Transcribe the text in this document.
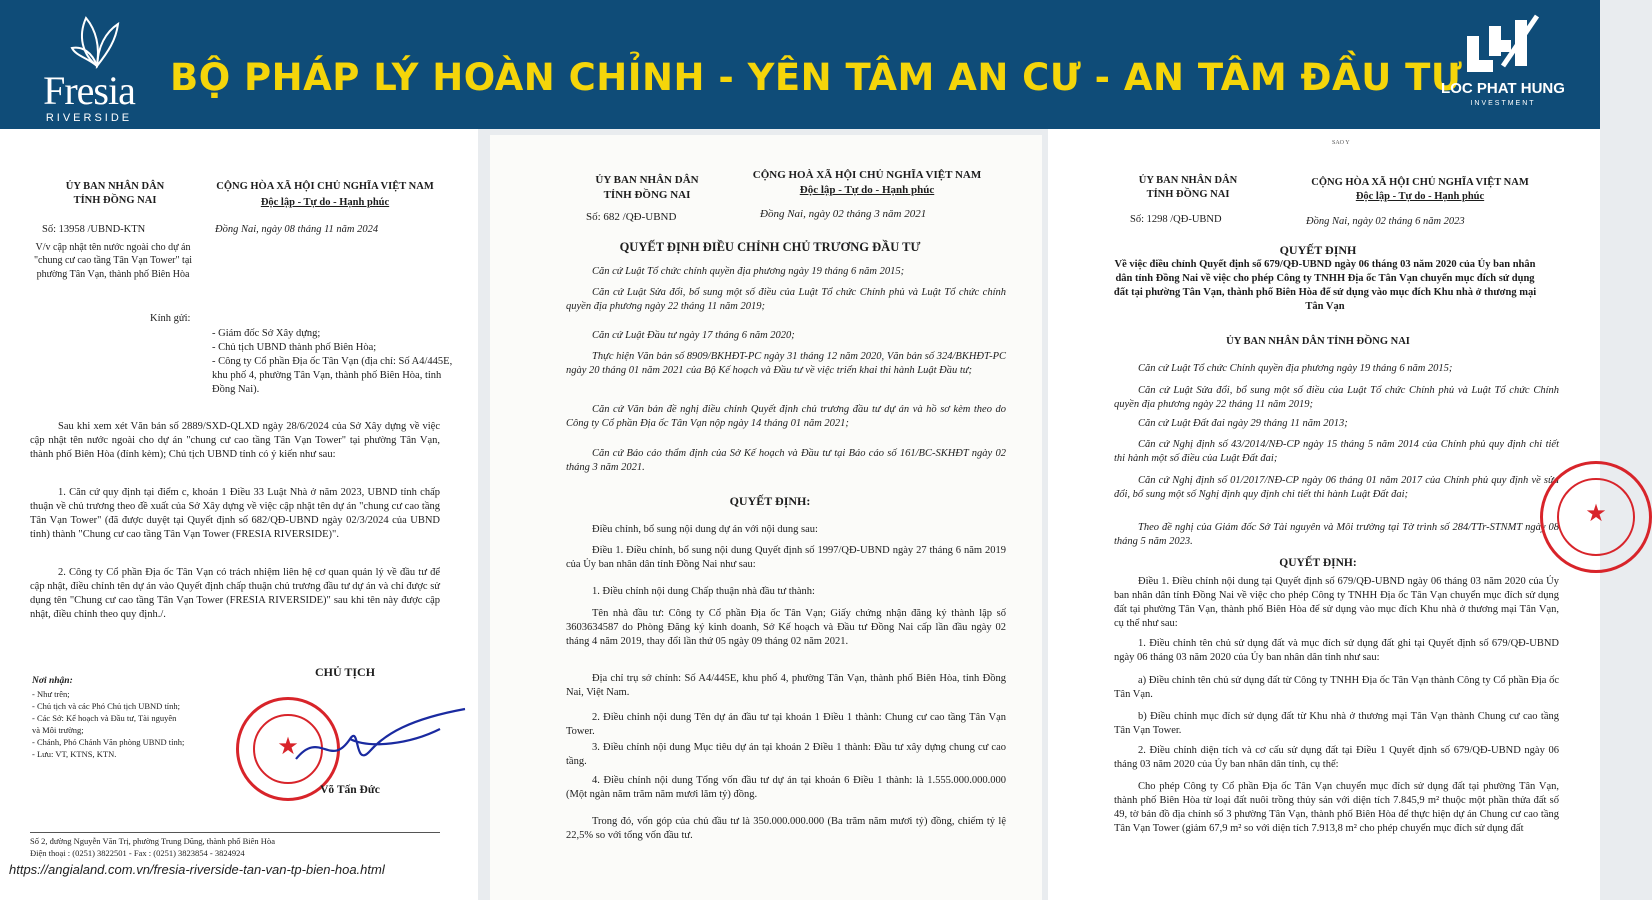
Fresia
RIVERSIDE
BỘ PHÁP LÝ HOÀN CHỈNH - YÊN TÂM AN CƯ - AN TÂM ĐẦU TƯ
LOC PHAT HUNG
INVESTMENT

ỦY BAN NHÂN DÂN

TỈNH ĐỒNG NAI

CỘNG HÒA XÃ HỘI CHỦ NGHĨA VIỆT NAM

Độc lập - Tự do - Hạnh phúc

Số: 13958 /UBND-KTN	Đồng Nai, ngày 08 tháng 11 năm 2024

V/v cập nhật tên nước ngoài cho dự án "chung cư cao tầng Tân Vạn Tower" tại phường Tân Vạn, thành phố Biên Hòa

Kính gửi:

- Giám đốc Sở Xây dựng;

- Chủ tịch UBND thành phố Biên Hòa;

- Công ty Cổ phần Địa ốc Tân Vạn (địa chỉ: Số A4/445E, khu phố 4, phường Tân Vạn, thành phố Biên Hòa, tỉnh Đồng Nai).

Sau khi xem xét Văn bản số 2889/SXD-QLXD ngày 28/6/2024 của Sở Xây dựng về việc cập nhật tên nước ngoài cho dự án "chung cư cao tầng Tân Vạn Tower" tại phường Tân Vạn, thành phố Biên Hòa (đính kèm); Chủ tịch UBND tỉnh có ý kiến như sau:

1. Căn cứ quy định tại điểm c, khoản 1 Điều 33 Luật Nhà ở năm 2023, UBND tỉnh chấp thuận về chủ trương theo đề xuất của Sở Xây dựng về việc cập nhật tên dự án "chung cư cao tầng Tân Vạn Tower" (đã được duyệt tại Quyết định số 682/QĐ-UBND ngày 02/3/2024 của UBND tỉnh) thành "Chung cư cao tầng Tân Vạn Tower (FRESIA RIVERSIDE)".

2. Công ty Cổ phần Địa ốc Tân Vạn có trách nhiệm liên hệ cơ quan quản lý về đầu tư để cập nhật, điều chỉnh tên dự án vào Quyết định chấp thuận chủ trương đầu tư dự án và chỉ được sử dụng tên "Chung cư cao tầng Tân Vạn Tower (FRESIA RIVERSIDE)" sau khi tên này được cập nhật, điều chỉnh theo quy định./.

Nơi nhận:

- Như trên;

- Chủ tịch và các Phó Chủ tịch UBND tỉnh;

- Các Sở: Kế hoạch và Đầu tư, Tài nguyên

và Môi trường;

- Chánh, Phó Chánh Văn phòng UBND tỉnh;

- Lưu: VT, KTNS, KTN.

CHỦ TỊCH

★

Võ Tấn Đức

Số 2, đường Nguyễn Văn Trị, phường Trung Dũng, thành phố Biên Hòa

Điện thoại : (0251) 3822501 - Fax : (0251) 3823854 - 3824924

ỦY BAN NHÂN DÂN

TỈNH ĐỒNG NAI

CỘNG HOÀ XÃ HỘI CHỦ NGHĨA VIỆT NAM

Độc lập - Tự do - Hạnh phúc

Số: 682 /QĐ-UBND	Đồng Nai, ngày 02 tháng 3 năm 2021

QUYẾT ĐỊNH ĐIỀU CHỈNH CHỦ TRƯƠNG ĐẦU TƯ

Căn cứ Luật Tổ chức chính quyền địa phương ngày 19 tháng 6 năm 2015;

Căn cứ Luật Sửa đổi, bổ sung một số điều của Luật Tổ chức Chính phủ và Luật Tổ chức chính quyền địa phương ngày 22 tháng 11 năm 2019;

Căn cứ Luật Đầu tư ngày 17 tháng 6 năm 2020;

Thực hiện Văn bản số 8909/BKHĐT-PC ngày 31 tháng 12 năm 2020, Văn bản số 324/BKHĐT-PC ngày 20 tháng 01 năm 2021 của Bộ Kế hoạch và Đầu tư về việc triển khai thi hành Luật Đầu tư;

Căn cứ Văn bản đề nghị điều chỉnh Quyết định chủ trương đầu tư dự án và hồ sơ kèm theo do Công ty Cổ phần Địa ốc Tân Vạn nộp ngày 14 tháng 01 năm 2021;

Căn cứ Báo cáo thẩm định của Sở Kế hoạch và Đầu tư tại Báo cáo số 161/BC-SKHĐT ngày 02 tháng 3 năm 2021.

QUYẾT ĐỊNH:

Điều chỉnh, bổ sung nội dung dự án với nội dung sau:

Điều 1. Điều chỉnh, bổ sung nội dung Quyết định số 1997/QĐ-UBND ngày 27 tháng 6 năm 2019 của Ủy ban nhân dân tỉnh Đồng Nai như sau:

1. Điều chỉnh nội dung Chấp thuận nhà đầu tư thành:

Tên nhà đầu tư: Công ty Cổ phần Địa ốc Tân Vạn; Giấy chứng nhận đăng ký thành lập số 3603634587 do Phòng Đăng ký kinh doanh, Sở Kế hoạch và Đầu tư Đồng Nai cấp lần đầu ngày 02 tháng 4 năm 2019, thay đổi lần thứ 05 ngày 09 tháng 02 năm 2021.

Địa chỉ trụ sở chính: Số A4/445E, khu phố 4, phường Tân Vạn, thành phố Biên Hòa, tỉnh Đồng Nai, Việt Nam.

2. Điều chỉnh nội dung Tên dự án đầu tư tại khoản 1 Điều 1 thành: Chung cư cao tầng Tân Vạn Tower.

3. Điều chỉnh nội dung Mục tiêu dự án tại khoản 2 Điều 1 thành: Đầu tư xây dựng chung cư cao tầng.

4. Điều chỉnh nội dung Tổng vốn đầu tư dự án tại khoản 6 Điều 1 thành: là 1.555.000.000.000 (Một ngàn năm trăm năm mươi lăm tỷ) đồng.

Trong đó, vốn góp của chủ đầu tư là 350.000.000.000 (Ba trăm năm mươi tỷ) đồng, chiếm tỷ lệ 22,5% so với tổng vốn đầu tư.

SAO Y

ỦY BAN NHÂN DÂN

TỈNH ĐỒNG NAI

CỘNG HÒA XÃ HỘI CHỦ NGHĨA VIỆT NAM

Độc lập - Tự do - Hạnh phúc

Số: 1298 /QĐ-UBND	Đồng Nai, ngày 02 tháng 6 năm 2023

QUYẾT ĐỊNH

Về việc điều chỉnh Quyết định số 679/QĐ-UBND ngày 06 tháng 03 năm 2020 của Ủy ban nhân dân tỉnh Đồng Nai về việc cho phép Công ty TNHH Địa ốc Tân Vạn chuyển mục đích sử dụng đất tại phường Tân Vạn, thành phố Biên Hòa để sử dụng vào mục đích Khu nhà ở thương mại Tân Vạn

ỦY BAN NHÂN DÂN TỈNH ĐỒNG NAI

Căn cứ Luật Tổ chức Chính quyền địa phương ngày 19 tháng 6 năm 2015;

Căn cứ Luật Sửa đổi, bổ sung một số điều của Luật Tổ chức Chính phủ và Luật Tổ chức Chính quyền địa phương ngày 22 tháng 11 năm 2019;

Căn cứ Luật Đất đai ngày 29 tháng 11 năm 2013;

Căn cứ Nghị định số 43/2014/NĐ-CP ngày 15 tháng 5 năm 2014 của Chính phủ quy định chi tiết thi hành một số điều của Luật Đất đai;

Căn cứ Nghị định số 01/2017/NĐ-CP ngày 06 tháng 01 năm 2017 của Chính phủ quy định về sửa đổi, bổ sung một số Nghị định quy định chi tiết thi hành Luật Đất đai;

Theo đề nghị của Giám đốc Sở Tài nguyên và Môi trường tại Tờ trình số 284/TTr-STNMT ngày 08 tháng 5 năm 2023.

QUYẾT ĐỊNH:

Điều 1. Điều chỉnh nội dung tại Quyết định số 679/QĐ-UBND ngày 06 tháng 03 năm 2020 của Ủy ban nhân dân tỉnh Đồng Nai về việc cho phép Công ty TNHH Địa ốc Tân Vạn chuyển mục đích sử dụng đất tại phường Tân Vạn, thành phố Biên Hòa để sử dụng vào mục đích Khu nhà ở thương mại Tân Vạn, cụ thể như sau:

1. Điều chỉnh tên chủ sử dụng đất và mục đích sử dụng đất ghi tại Quyết định số 679/QĐ-UBND ngày 06 tháng 03 năm 2020 của Ủy ban nhân dân tỉnh như sau:

a) Điều chỉnh tên chủ sử dụng đất từ Công ty TNHH Địa ốc Tân Vạn thành Công ty Cổ phần Địa ốc Tân Vạn.

b) Điều chỉnh mục đích sử dụng đất từ Khu nhà ở thương mại Tân Vạn thành Chung cư cao tầng Tân Vạn Tower.

2. Điều chỉnh diện tích và cơ cấu sử dụng đất tại Điều 1 Quyết định số 679/QĐ-UBND ngày 06 tháng 03 năm 2020 của Ủy ban nhân dân tỉnh, cụ thể:

Cho phép Công ty Cổ phần Địa ốc Tân Vạn chuyển mục đích sử dụng đất tại phường Tân Vạn, thành phố Biên Hòa từ loại đất nuôi trồng thủy sản với diện tích 7.845,9 m² thuộc một phần thửa đất số 49, tờ bản đồ địa chính số 3 phường Tân Vạn, thành phố Biên Hòa để thực hiện dự án Chung cư cao tầng Tân Vạn Tower (giảm 67,9 m² so với diện tích 7.913,8 m² cho phép chuyển mục đích sử dụng đất

★
https://angialand.com.vn/fresia-riverside-tan-van-tp-bien-hoa.html
